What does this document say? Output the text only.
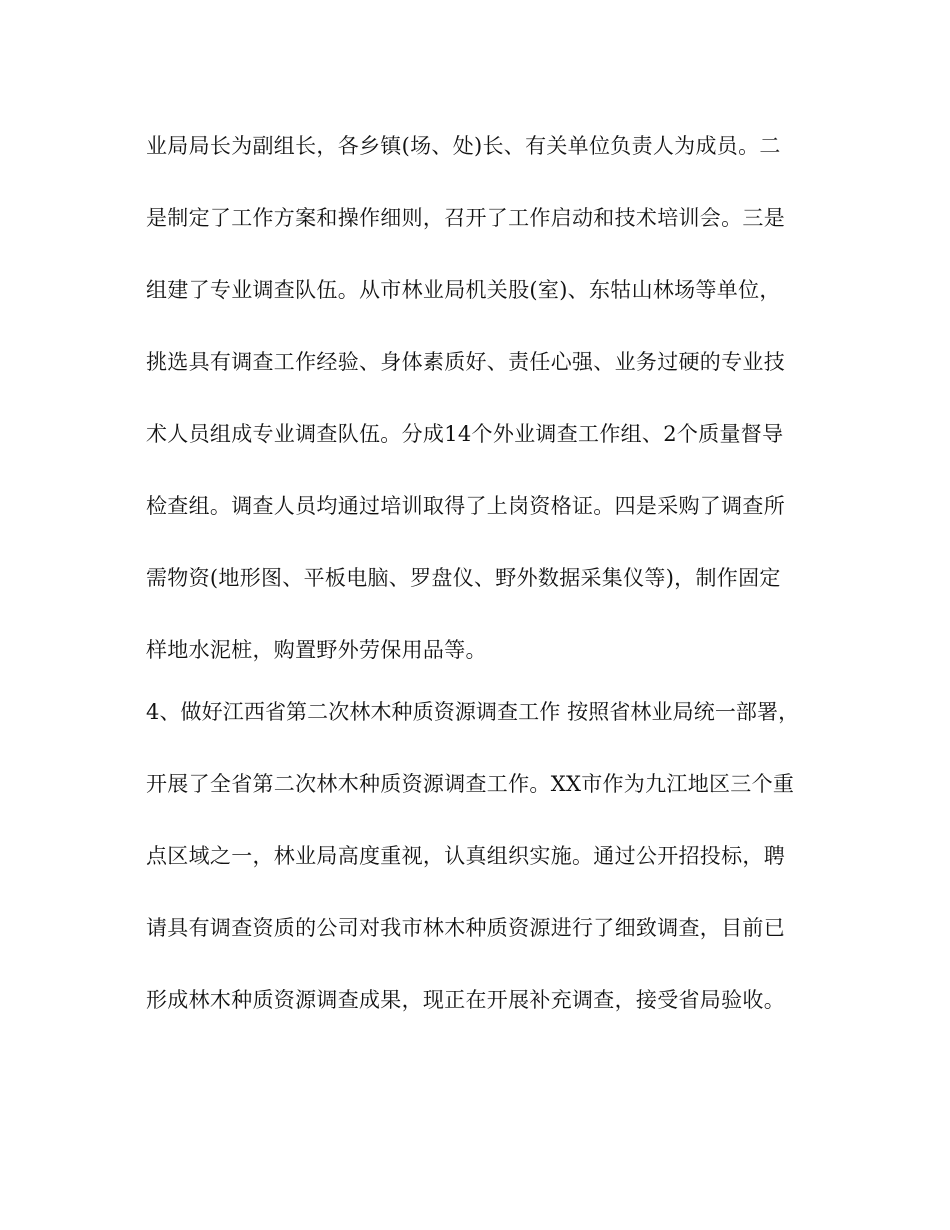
业局局长为副组长，各乡镇(场、处)长、有关单位负责人为成员。二
是制定了工作方案和操作细则，召开了工作启动和技术培训会。三是
组建了专业调查队伍。从市林业局机关股(室)、东牯山林场等单位，
挑选具有调查工作经验、身体素质好、责任心强、业务过硬的专业技
术人员组成专业调查队伍。分成14个外业调查工作组、2个质量督导
检查组。调查人员均通过培训取得了上岗资格证。四是采购了调查所
需物资(地形图、平板电脑、罗盘仪、野外数据采集仪等)，制作固定
样地水泥桩，购置野外劳保用品等。
4、做好江西省第二次林木种质资源调查工作 按照省林业局统一部署，
开展了全省第二次林木种质资源调查工作。XX市作为九江地区三个重
点区域之一，林业局高度重视，认真组织实施。通过公开招投标，聘
请具有调查资质的公司对我市林木种质资源进行了细致调查，目前已
形成林木种质资源调查成果，现正在开展补充调查，接受省局验收。
